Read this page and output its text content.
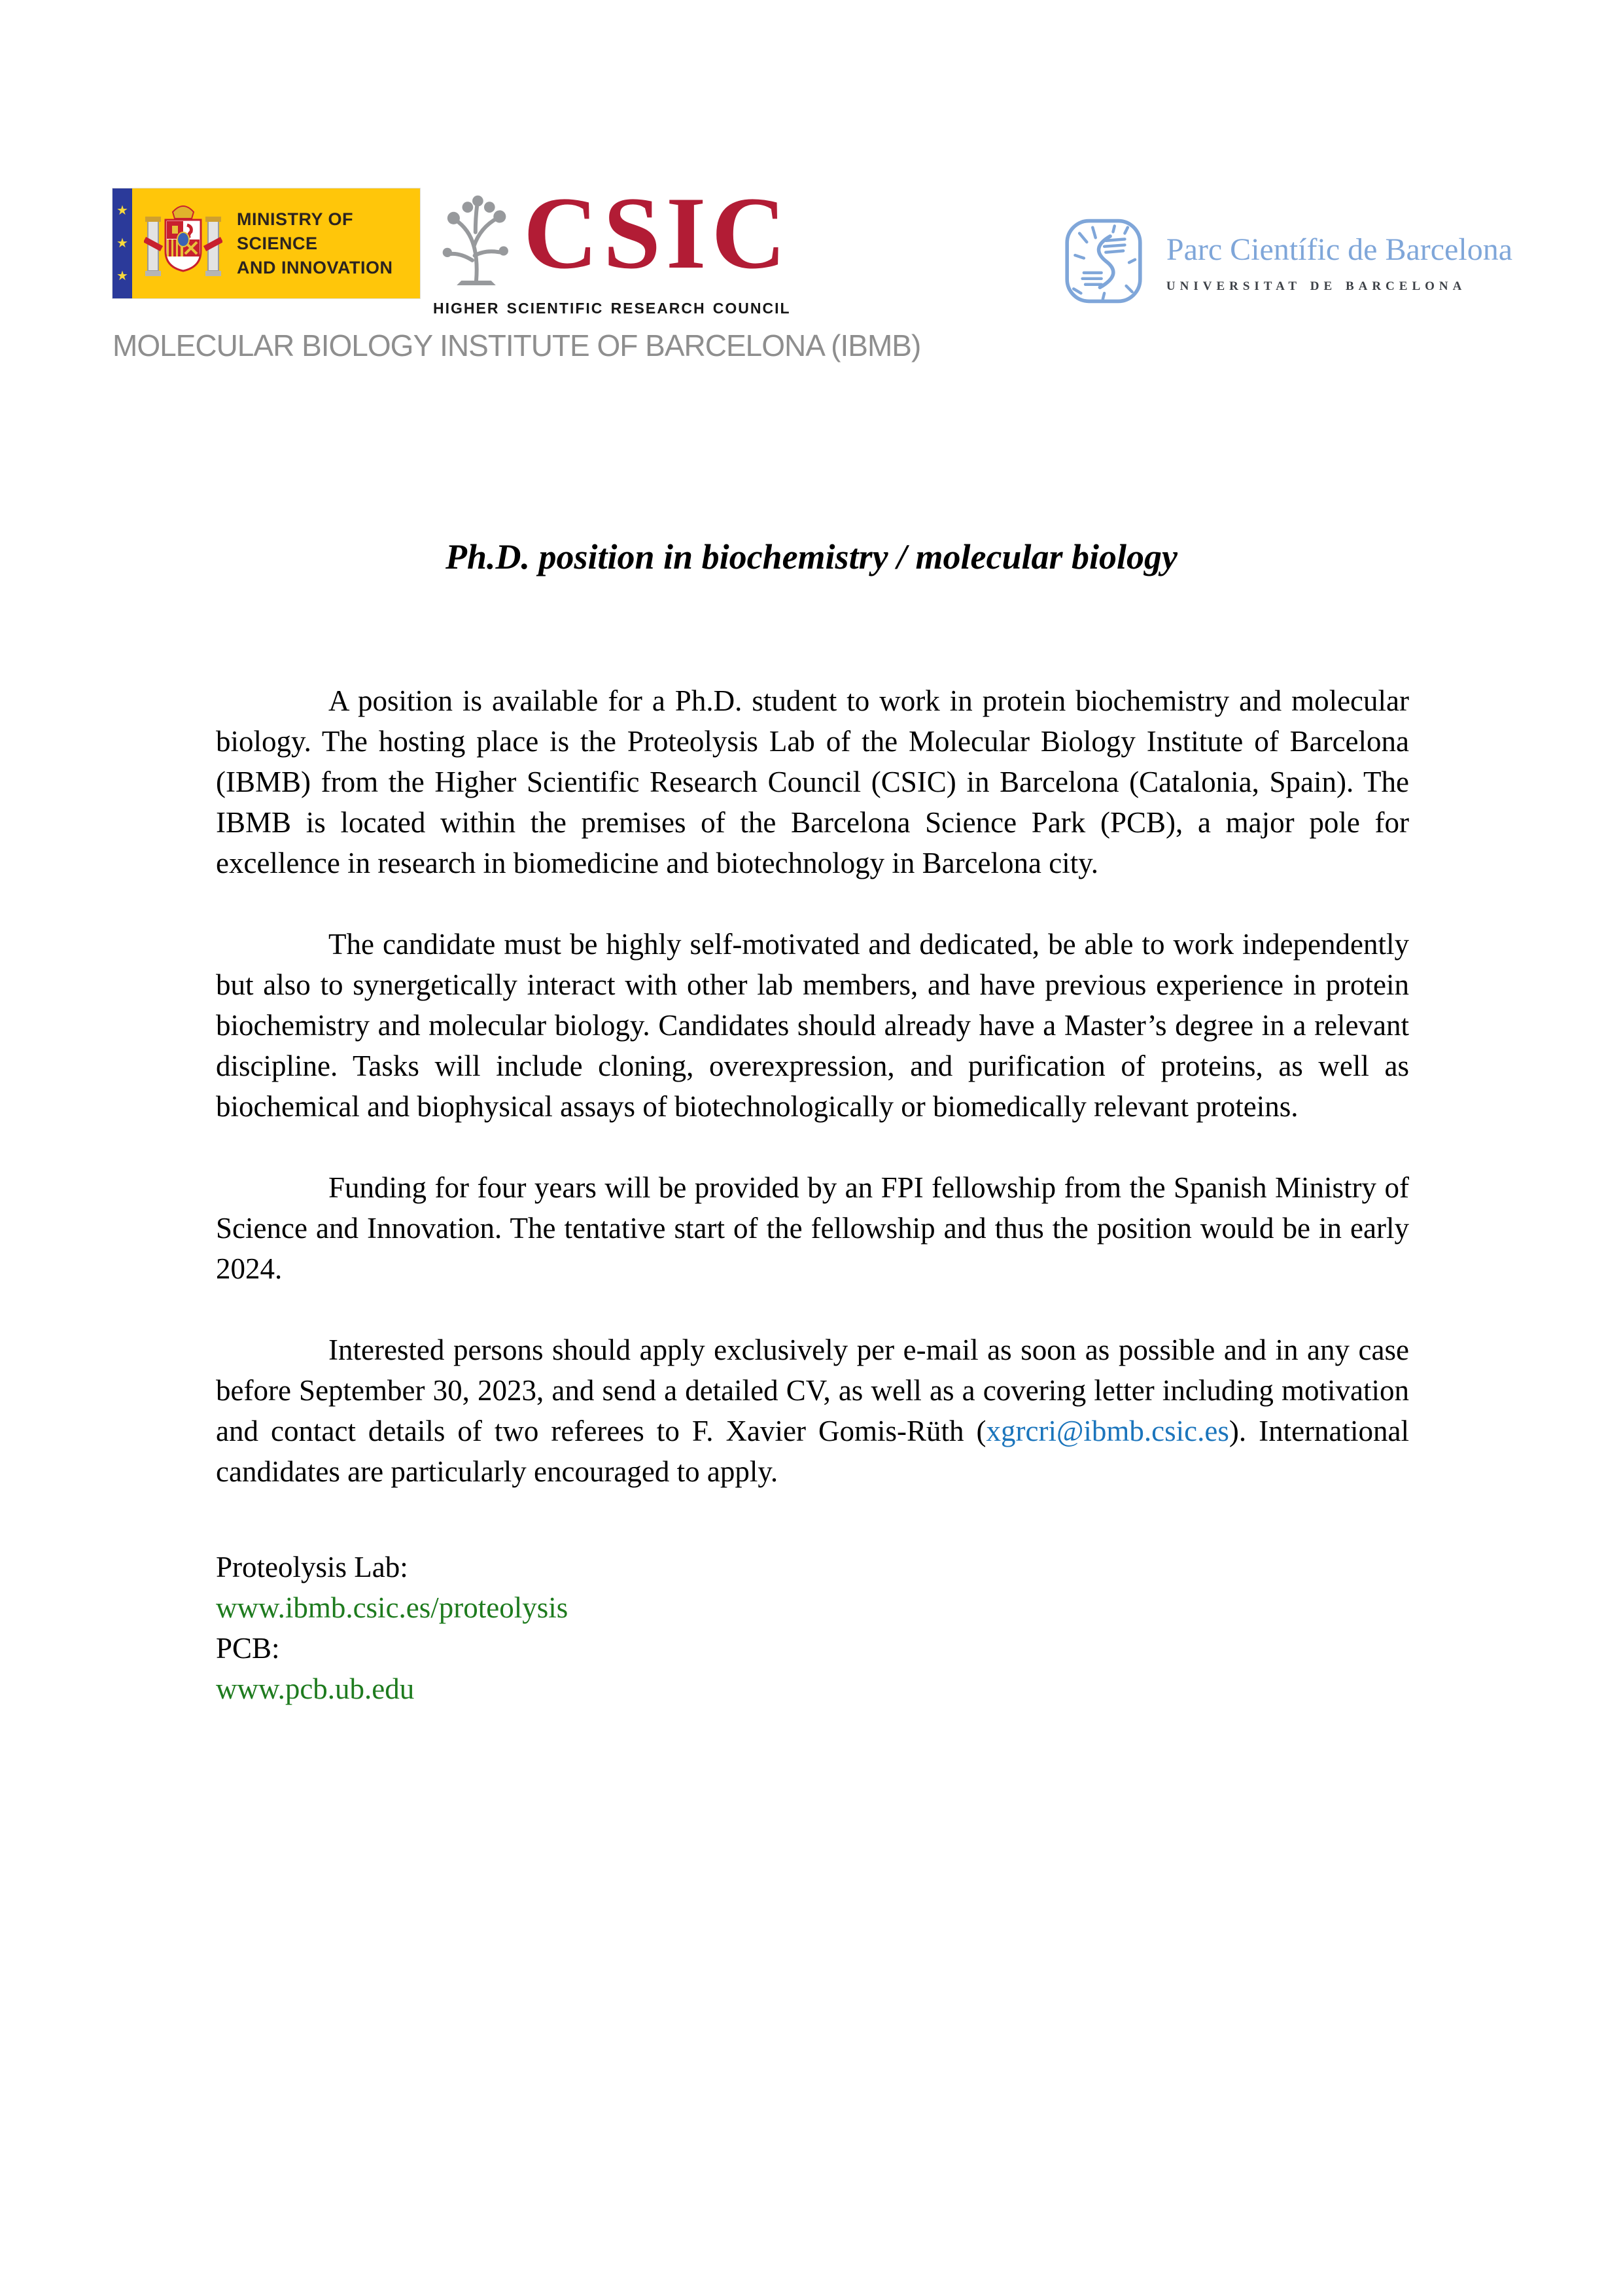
★
★
★
MINISTRY OF SCIENCE
AND INNOVATION CSIC
higher scientific research council
MOLECULAR BIOLOGY INSTITUTE OF BARCELONA (IBMB)
Parc Científic de Barcelona
universitat de barcelona
Ph.D. position in biochemistry / molecular biology

A position is available for a Ph.D. student to work in protein biochemistry and molecular biology. The hosting place is the Proteolysis Lab of the Molecular Biology Institute of Barcelona (IBMB) from the Higher Scientific Research Council (CSIC) in Barcelona (Catalonia, Spain). The IBMB is located within the premises of the Barcelona Science Park (PCB), a major pole for excellence in research in biomedicine and biotechnology in Barcelona city.

The candidate must be highly self-motivated and dedicated, be able to work independently but also to synergetically interact with other lab members, and have previous experience in protein biochemistry and molecular biology. Candidates should already have a Master’s degree in a relevant discipline. Tasks will include cloning, overexpression, and purification of proteins, as well as biochemical and biophysical assays of biotechnologically or biomedically relevant proteins.

Funding for four years will be provided by an FPI fellowship from the Spanish Ministry of Science and Innovation. The tentative start of the fellowship and thus the position would be in early 2024.

Interested persons should apply exclusively per e-mail as soon as possible and in any case before September 30, 2023, and send a detailed CV, as well as a covering letter including motivation and contact details of two referees to F. Xavier Gomis-Rüth (xgrcri@ibmb.csic.es). International candidates are particularly encouraged to apply.

Proteolysis Lab:
www.ibmb.csic.es/proteolysis
PCB:
www.pcb.ub.edu
